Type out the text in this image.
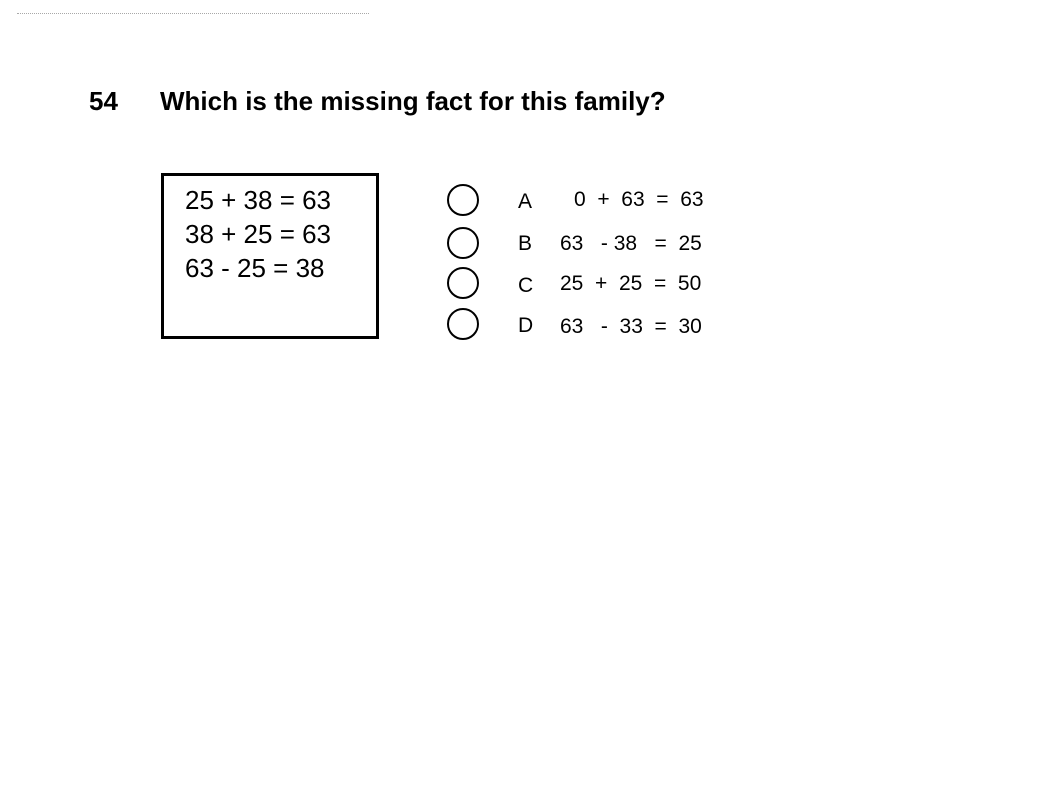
54 Which is the missing fact for this family?
25 + 38 = 63
38 + 25 = 63
63 - 25 = 38
A 0  +  63  =  63
B 63   - 38   =  25
C 25  +  25  =  50
D 63   -  33  =  30
